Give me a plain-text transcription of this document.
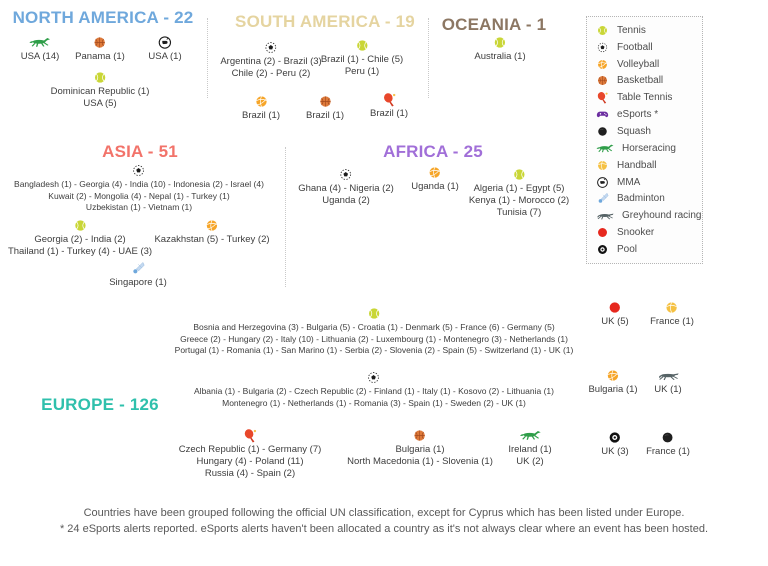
NORTH AMERICA - 22 SOUTH AMERICA - 19 OCEANIA - 1
ASIA - 51	AFRICA - 25
EUROPE - 126
USA (14) Panama (1) USA (1)
Dominican Republic (1)
USA (5)
Argentina (2) - Brazil (3)
Chile (2) - Peru (2)
Brazil (1) - Chile (5)
Peru (1)
Brazil (1)	Brazil (1)	Brazil (1)
Australia (1)
Bangladesh (1) - Georgia (4) - India (10) - Indonesia (2) - Israel (4)
Kuwait (2) - Mongolia (4) - Nepal (1) - Turkey (1)
Uzbekistan (1) - Vietnam (1)
Georgia (2) - India (2)
Thailand (1) - Turkey (4) - UAE (3)
Kazakhstan (5) - Turkey (2)
Singapore (1)
Ghana (4) - Nigeria (2)
Uganda (2)
Uganda (1)	Algeria (1) - Egypt (5)
Kenya (1) - Morocco (2)
Tunisia (7)
Bosnia and Herzegovina (3) - Bulgaria (5) - Croatia (1) - Denmark (5) - France (6) - Germany (5)
Greece (2) - Hungary (2) - Italy (10) - Lithuania (2) - Luxembourg (1) - Montenegro (3) - Netherlands (1)
Portugal (1) - Romania (1) - San Marino (1) - Serbia (2) - Slovenia (2) - Spain (5) - Switzerland (1) - UK (1)
Albania (1) - Bulgaria (2) - Czech Republic (2) - Finland (1) - Italy (1) - Kosovo (2) - Lithuania (1)
Montenegro (1) - Netherlands (1) - Romania (3) - Spain (1) - Sweden (2) - UK (1)
Czech Republic (1) - Germany (7)
Hungary (4) - Poland (11)
Russia (4) - Spain (2)
Bulgaria (1)
North Macedonia (1) - Slovenia (1)
Ireland (1)
UK (2)
UK (5) France (1)
Bulgaria (1) UK (1)
UK (3) France (1)
Tennis
Football
Volleyball
Basketball
Table Tennis
eSports *
Squash
Horseracing
Handball
MMA
Badminton
Greyhound racing
Snooker
Pool
Countries have been grouped following the official UN classification, except for Cyprus which has been listed under Europe.
* 24 eSports alerts reported. eSports alerts haven't been allocated a country as it's not always clear where an event has been hosted.
